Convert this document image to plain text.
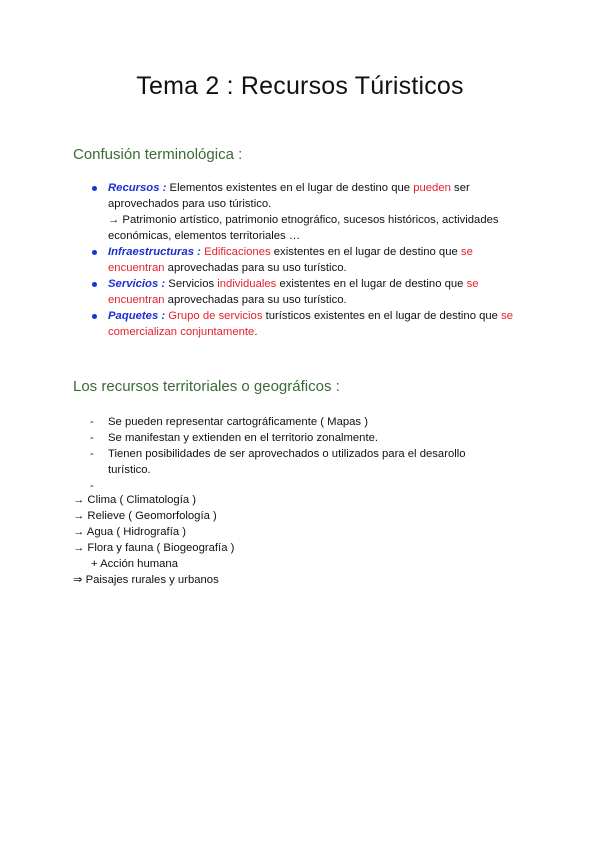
Tema 2 : Recursos Túristicos
Confusión terminológica :
Recursos : Elementos existentes en el lugar de destino que pueden ser aprovechados para uso túristico.
→ Patrimonio artístico, patrimonio etnográfico, sucesos históricos, actividades económicas, elementos territoriales …
Infraestructuras : Edificaciones existentes en el lugar de destino que se encuentran aprovechadas para su uso turístico.
Servicios : Servicios individuales existentes en el lugar de destino que se encuentran aprovechadas para su uso turístico.
Paquetes : Grupo de servicios turísticos existentes en el lugar de destino que se comercializan conjuntamente.
Los recursos territoriales o geográficos :
- Se pueden representar cartográficamente ( Mapas )
- Se manifestan y extienden en el territorio zonalmente.
- Tienen posibilidades de ser aprovechados o utilizados para el desarollo turístico.
-
→ Clima ( Climatología )
→ Relieve ( Geomorfología )
→ Agua ( Hidrografía )
→ Flora y fauna ( Biogeografía )
+ Acción humana
⇒ Paisajes rurales y urbanos
